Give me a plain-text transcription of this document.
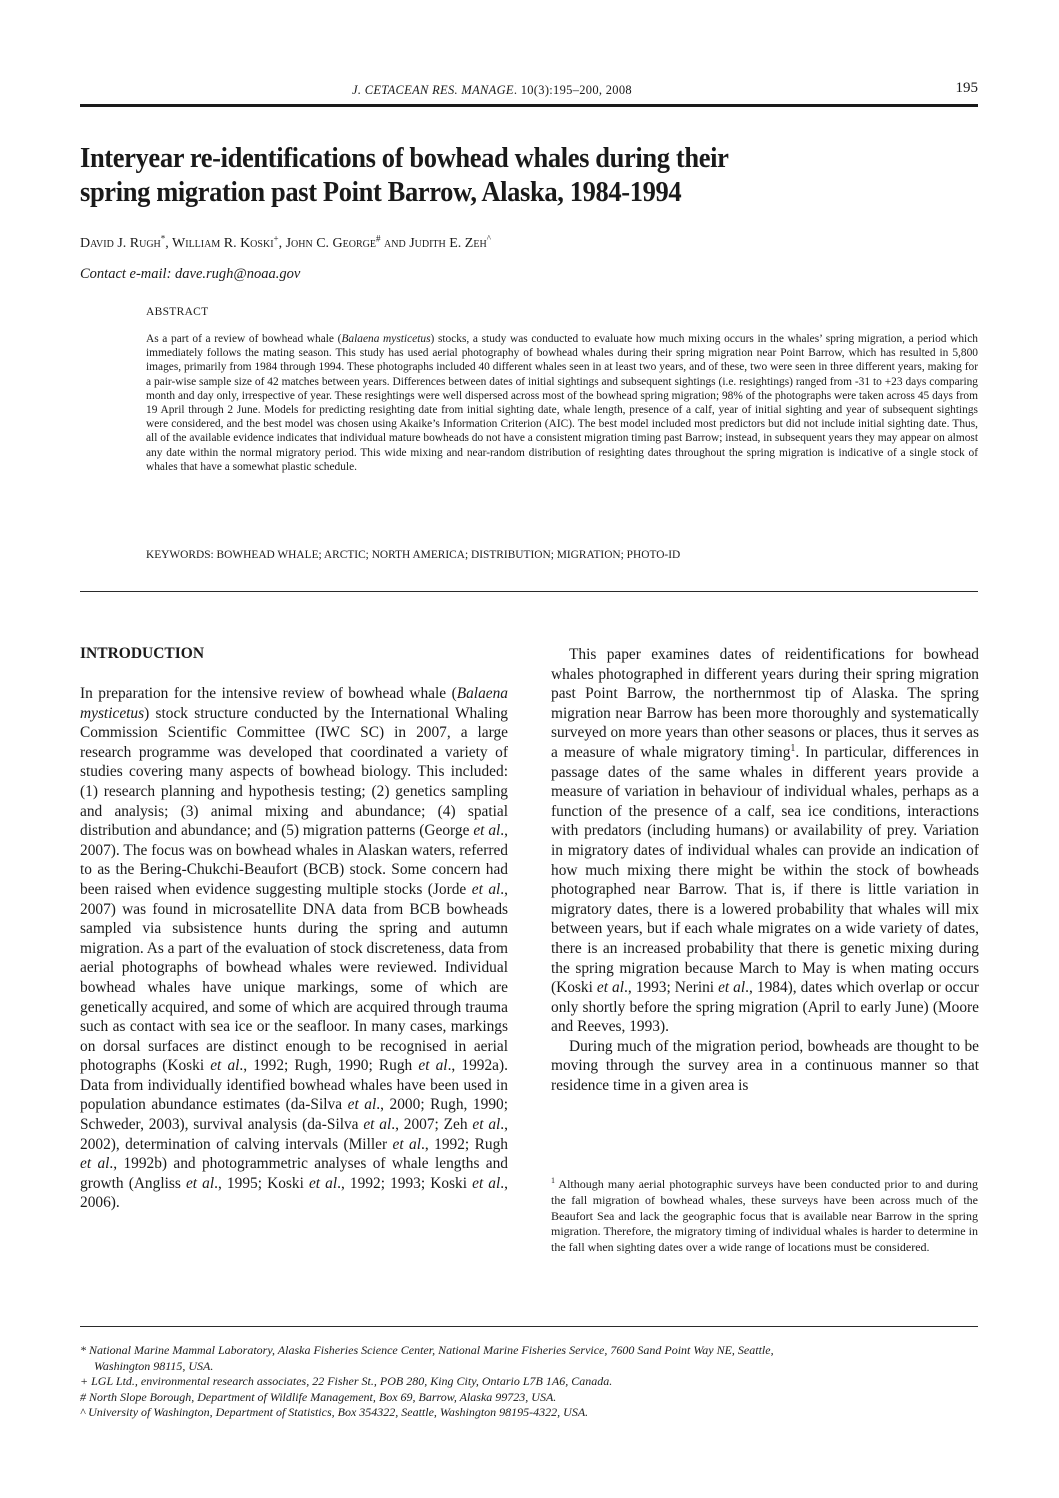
J. CETACEAN RES. MANAGE. 10(3):195–200, 2008	195
Interyear re-identifications of bowhead whales during their
spring migration past Point Barrow, Alaska, 1984-1994
David J. Rugh*, William R. Koski+, John C. George# and Judith E. Zeh^
Contact e-mail: dave.rugh@noaa.gov
ABSTRACT
As a part of a review of bowhead whale (Balaena mysticetus) stocks, a study was conducted to evaluate how much mixing occurs in the whales’ spring migration, a period which immediately follows the mating season. This study has used aerial photography of bowhead whales during their spring migration near Point Barrow, which has resulted in 5,800 images, primarily from 1984 through 1994. These photographs included 40 different whales seen in at least two years, and of these, two were seen in three different years, making for a pair-wise sample size of 42 matches between years. Differences between dates of initial sightings and subsequent sightings (i.e. resightings) ranged from -31 to +23 days comparing month and day only, irrespective of year. These resightings were well dispersed across most of the bowhead spring migration; 98% of the photographs were taken across 45 days from 19 April through 2 June. Models for predicting resighting date from initial sighting date, whale length, presence of a calf, year of initial sighting and year of subsequent sightings were considered, and the best model was chosen using Akaike’s Information Criterion (AIC). The best model included most predictors but did not include initial sighting date. Thus, all of the available evidence indicates that individual mature bowheads do not have a consistent migration timing past Barrow; instead, in subsequent years they may appear on almost any date within the normal migratory period. This wide mixing and near-random distribution of resighting dates throughout the spring migration is indicative of a single stock of whales that have a somewhat plastic schedule.
KEYWORDS: BOWHEAD WHALE; ARCTIC; NORTH AMERICA; DISTRIBUTION; MIGRATION; PHOTO-ID
INTRODUCTION

In preparation for the intensive review of bowhead whale (Balaena mysticetus) stock structure conducted by the International Whaling Commission Scientific Committee (IWC SC) in 2007, a large research programme was developed that coordinated a variety of studies covering many aspects of bowhead biology. This included: (1) research planning and hypothesis testing; (2) genetics sampling and analysis; (3) animal mixing and abundance; (4) spatial distribution and abundance; and (5) migration patterns (George et al., 2007). The focus was on bowhead whales in Alaskan waters, referred to as the Bering-Chukchi-Beaufort (BCB) stock. Some concern had been raised when evidence suggesting multiple stocks (Jorde et al., 2007) was found in microsatellite DNA data from BCB bowheads sampled via subsistence hunts during the spring and autumn migration. As a part of the evaluation of stock discreteness, data from aerial photographs of bowhead whales were reviewed. Individual bowhead whales have unique markings, some of which are genetically acquired, and some of which are acquired through trauma such as contact with sea ice or the seafloor. In many cases, markings on dorsal surfaces are distinct enough to be recognised in aerial photographs (Koski et al., 1992; Rugh, 1990; Rugh et al., 1992a). Data from individually identified bowhead whales have been used in population abundance estimates (da-Silva et al., 2000; Rugh, 1990; Schweder, 2003), survival analysis (da-Silva et al., 2007; Zeh et al., 2002), determination of calving intervals (Miller et al., 1992; Rugh et al., 1992b) and photogrammetric analyses of whale lengths and growth (Angliss et al., 1995; Koski et al., 1992; 1993; Koski et al., 2006).

This paper examines dates of reidentifications for bowhead whales photographed in different years during their spring migration past Point Barrow, the northernmost tip of Alaska. The spring migration near Barrow has been more thoroughly and systematically surveyed on more years than other seasons or places, thus it serves as a measure of whale migratory timing$^1$. In particular, differences in passage dates of the same whales in different years provide a measure of variation in behaviour of individual whales, perhaps as a function of the presence of a calf, sea ice conditions, interactions with predators (including humans) or availability of prey. Variation in migratory dates of individual whales can provide an indication of how much mixing there might be within the stock of bowheads photographed near Barrow. That is, if there is little variation in migratory dates, there is a lowered probability that whales will mix between years, but if each whale migrates on a wide variety of dates, there is an increased probability that there is genetic mixing during the spring migration because March to May is when mating occurs (Koski et al., 1993; Nerini et al., 1984), dates which overlap or occur only shortly before the spring migration (April to early June) (Moore and Reeves, 1993).

During much of the migration period, bowheads are thought to be moving through the survey area in a continuous manner so that residence time in a given area is

$^1$ Although many aerial photographic surveys have been conducted prior to and during the fall migration of bowhead whales, these surveys have been across much of the Beaufort Sea and lack the geographic focus that is available near Barrow in the spring migration. Therefore, the migratory timing of individual whales is harder to determine in the fall when sighting dates over a wide range of locations must be considered.
* National Marine Mammal Laboratory, Alaska Fisheries Science Center, National Marine Fisheries Service, 7600 Sand Point Way NE, Seattle,
Washington 98115, USA.
+ LGL Ltd., environmental research associates, 22 Fisher St., POB 280, King City, Ontario L7B 1A6, Canada.
# North Slope Borough, Department of Wildlife Management, Box 69, Barrow, Alaska 99723, USA.
^ University of Washington, Department of Statistics, Box 354322, Seattle, Washington 98195-4322, USA.
